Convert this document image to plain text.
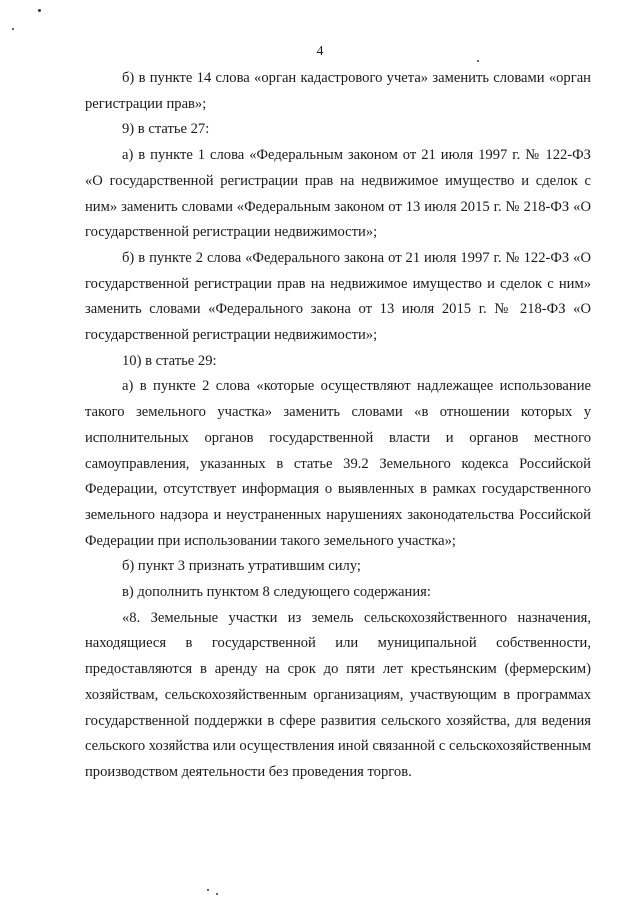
4

б) в пункте 14 слова «орган кадастрового учета» заменить словами «орган регистрации прав»;

9) в статье 27:

а) в пункте 1 слова «Федеральным законом от 21 июля 1997 г. № 122-ФЗ «О государственной регистрации прав на недвижимое имущество и сделок с ним» заменить словами «Федеральным законом от 13 июля 2015 г. № 218-ФЗ «О государственной регистрации недвижимости»;

б) в пункте 2 слова «Федерального закона от 21 июля 1997 г. № 122-ФЗ «О государственной регистрации прав на недвижимое имущество и сделок с ним» заменить словами «Федерального закона от 13 июля 2015 г. № 218-ФЗ «О государственной регистрации недвижимости»;

10) в статье 29:

а) в пункте 2 слова «которые осуществляют надлежащее использование такого земельного участка» заменить словами «в отношении которых у исполнительных органов государственной власти и органов местного самоуправления, указанных в статье 39.2 Земельного кодекса Российской Федерации, отсутствует информация о выявленных в рамках государственного земельного надзора и неустраненных нарушениях законодательства Российской Федерации при использовании такого земельного участка»;

б) пункт 3 признать утратившим силу;

в) дополнить пунктом 8 следующего содержания:

«8. Земельные участки из земель сельскохозяйственного назначения, находящиеся в государственной или муниципальной собственности, предоставляются в аренду на срок до пяти лет крестьянским (фермерским) хозяйствам, сельскохозяйственным организациям, участвующим в программах государственной поддержки в сфере развития сельского хозяйства, для ведения сельского хозяйства или осуществления иной связанной с сельскохозяйственным производством деятельности без проведения торгов.
